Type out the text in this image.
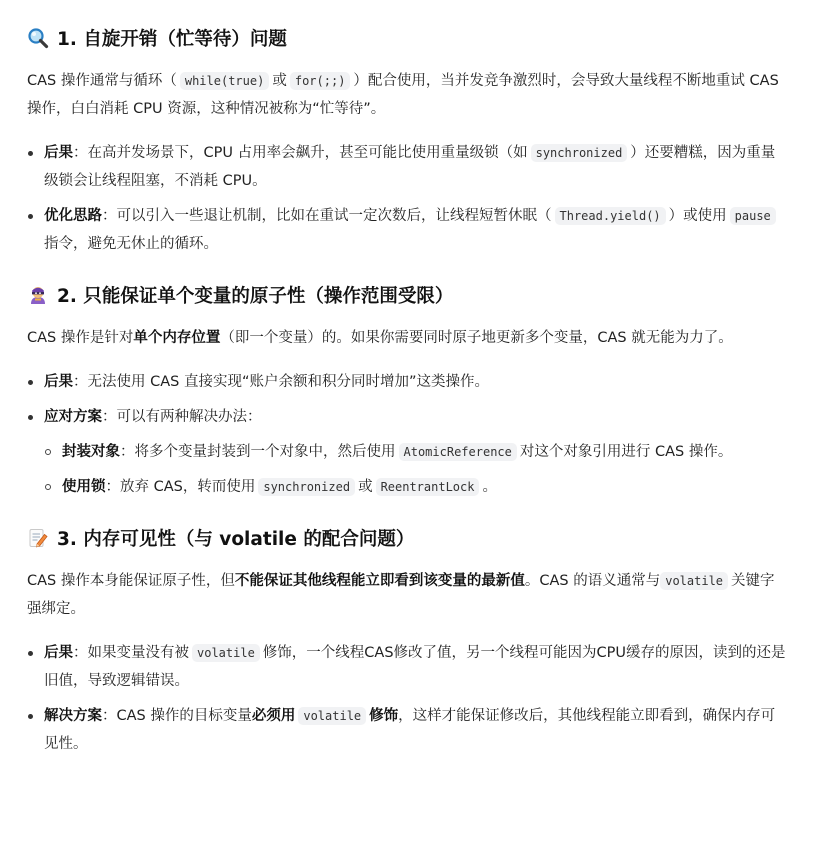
1. 自旋开销（忙等待）问题

CAS 操作通常与循环（ while(true) 或 for(;;) ）配合使用，当并发竞争激烈时，会导致大量线程不断地重试 CAS 操作，白白消耗 CPU 资源，这种情况被称为“忙等待”。

后果：在高并发场景下，CPU 占用率会飙升，甚至可能比使用重量级锁（如 synchronized ）还要糟糕，因为重量级锁会让线程阻塞，不消耗 CPU。
优化思路：可以引入一些退让机制，比如在重试一定次数后，让线程短暂休眠（ Thread.yield() ）或使用 pause指令，避免无休止的循环。
2. 只能保证单个变量的原子性（操作范围受限）

CAS 操作是针对单个内存位置（即一个变量）的。如果你需要同时原子地更新多个变量，CAS 就无能为力了。

后果：无法使用 CAS 直接实现“账户余额和积分同时增加”这类操作。
应对方案：可以有两种解决办法：
封装对象：将多个变量封装到一个对象中，然后使用 AtomicReference 对这个对象引用进行 CAS 操作。
使用锁：放弃 CAS，转而使用 synchronized 或 ReentrantLock 。
3. 内存可见性（与 volatile 的配合问题）

CAS 操作本身能保证原子性，但不能保证其他线程能立即看到该变量的最新值。CAS 的语义通常与 volatile 关键字强绑定。

后果：如果变量没有被 volatile 修饰，一个线程CAS修改了值，另一个线程可能因为CPU缓存的原因，读到的还是旧值，导致逻辑错误。
解决方案：CAS 操作的目标变量必须用 volatile 修饰，这样才能保证修改后，其他线程能立即看到，确保内存可见性。
